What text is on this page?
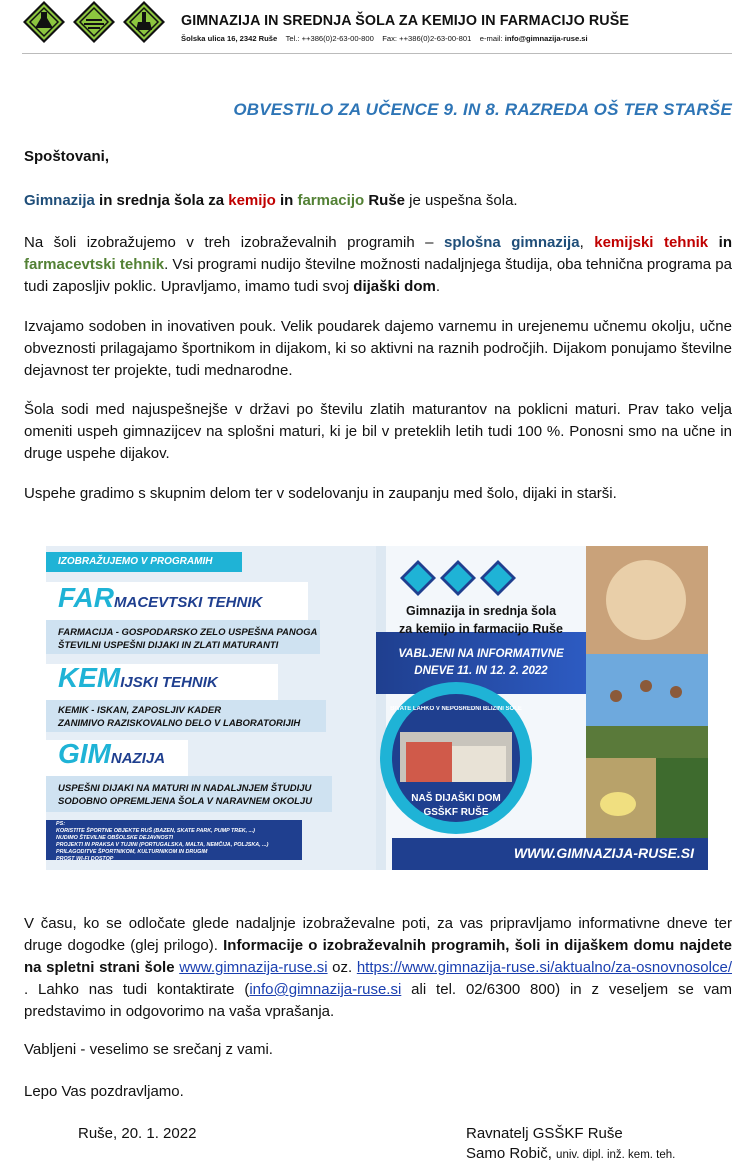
GIMNAZIJA IN SREDNJA ŠOLA ZA KEMIJO IN FARMACIJO RUŠE
Šolska ulica 16, 2342 Ruše Tel.: ++386(0)2-63-00-800 Fax: ++386(0)2-63-00-801 e-mail: info@gimnazija-ruse.si
OBVESTILO ZA UČENCE 9. IN 8. RAZREDA OŠ TER STARŠE
Spoštovani,
Gimnazija in srednja šola za kemijo in farmacijo Ruše je uspešna šola.
Na šoli izobražujemo v treh izobraževalnih programih – splošna gimnazija, kemijski tehnik in farmacevtski tehnik. Vsi programi nudijo številne možnosti nadaljnjega študija, oba tehnična programa pa tudi zaposljiv poklic. Upravljamo, imamo tudi svoj dijaški dom.
Izvajamo sodoben in inovativen pouk. Velik poudarek dajemo varnemu in urejenemu učnemu okolju, učne obveznosti prilagajamo športnikom in dijakom, ki so aktivni na raznih področjih. Dijakom ponujamo številne dejavnost ter projekte, tudi mednarodne.
Šola sodi med najuspešnejše v državi po številu zlatih maturantov na poklicni maturi. Prav tako velja omeniti uspeh gimnazijcev na splošni maturi, ki je bil v preteklih letih tudi 100 %. Ponosni smo na učne in druge uspehe dijakov.
Uspehe gradimo s skupnim delom ter v sodelovanju in zaupanju med šolo, dijaki in starši.
IZOBRAŽUJEMO V PROGRAMIH
FARMACEVTSKI TEHNIK
FARMACIJA - GOSPODARSKO ZELO USPEŠNA PANOGA
ŠTEVILNI USPEŠNI DIJAKI IN ZLATI MATURANTI
KEMIJSKI TEHNIK
KEMIK - ISKAN, ZAPOSLJIV KADER
ZANIMIVO RAZISKOVALNO DELO V LABORATORIJIH
GIMNAZIJA
USPEŠNI DIJAKI NA MATURI IN NADALJNJEM ŠTUDIJU
SODOBNO OPREMLJENA ŠOLA V NARAVNEM OKOLJU
PS:
KORISTITE ŠPORTNE OBJEKTE RUŠ (BAZEN, SKATE PARK, PUMP TREK, ...)
NUDIMO ŠTEVILNE OBŠOLSKE DEJAVNOSTI
PROJEKTI IN PRAKSA V TUJINI (PORTUGALSKA, MALTA, NEMČIJA, POLJSKA, ...)
PRILAGODITVE ŠPORTNIKOM, KULTURNIKOM IN DRUGIM
PROST WI-FI DOSTOP
Gimnazija in srednja šola
za kemijo in farmacijo Ruše
VABLJENI NA INFORMATIVNE
DNEVE 11. IN 12. 2. 2022
BIVATE LAHKO V NEPOSREDNI BLIŽINI ŠOLE
NAŠ DIJAŠKI DOM
GSŠKF RUŠE
WWW.GIMNAZIJA-RUSE.SI
V času, ko se odločate glede nadaljnje izobraževalne poti, za vas pripravljamo informativne dneve ter druge dogodke (glej prilogo). Informacije o izobraževalnih programih, šoli in dijaškem domu najdete na spletni strani šole www.gimnazija-ruse.si oz. https://www.gimnazija-ruse.si/aktualno/za-osnovnosolce/ . Lahko nas tudi kontaktirate (info@gimnazija-ruse.si ali tel. 02/6300 800) in z veseljem se vam predstavimo in odgovorimo na vaša vprašanja.
Vabljeni - veselimo se srečanj z vami.
Lepo Vas pozdravljamo.
Ruše, 20. 1. 2022	Ravnatelj GSŠKF Ruše
Samo Robič, univ. dipl. inž. kem. teh.
